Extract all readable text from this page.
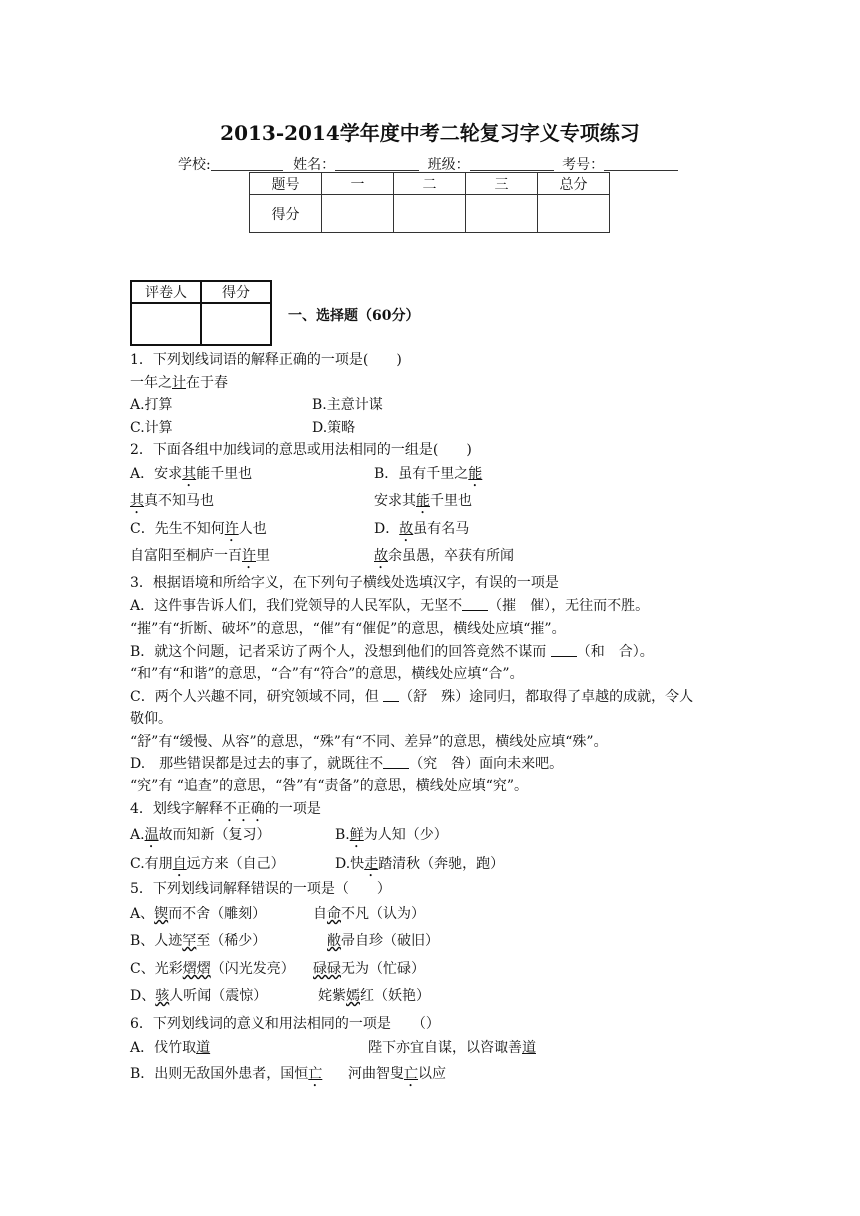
2013-2014学年度中考二轮复习字义专项练习
学校:	姓名：	班级：	考号：
题号	一	二	三	总分
得分				
评卷人	得分

一、选择题（60分）
1．下列划线词语的解释正确的一项是(　　)
一年之计在于春
A.打算	B.主意计谋
C.计算	D.策略
2．下面各组中加线词的意思或用法相同的一组是(　　)
A．安求其能千里也	B．虽有千里之能
其真不知马也	安求其能千里也
C．先生不知何许人也	D．故虽有名马
自富阳至桐庐一百许里	故余虽愚，卒获有所闻
3．根据语境和所给字义，在下列句子横线处选填汉字，有误的一项是
A．这件事告诉人们，我们党领导的人民军队，无坚不 （摧　催），无往而不胜。
“摧”有“折断、破坏”的意思，“催”有“催促”的意思，横线处应填“摧”。
B．就这个问题，记者采访了两个人，没想到他们的回答竟然不谋而 （和　合）。
“和”有“和谐”的意思，“合”有“符合”的意思，横线处应填“合”。
C．两个人兴趣不同，研究领域不同，但 （舒　殊）途同归，都取得了卓越的成就，令人
敬仰。
“舒”有“缓慢、从容”的意思，“殊”有“不同、差异”的意思，横线处应填“殊”。
D.　那些错误都是过去的事了，就既往不 （究　咎）面向未来吧。
“究”有 “追查”的意思，“咎”有“责备”的意思，横线处应填“究”。
4．划线字解释不正确的一项是
A.温故而知新（复习）	B.鲜为人知（少）
C.有朋自远方来（自己）	D.快走踏清秋（奔驰，跑）
5．下列划线词解释错误的一项是（　　）
A、锲而不舍（雕刻）	自命不凡（认为）
B、人迹罕至（稀少）	敝帚自珍（破旧）
C、光彩熠熠（闪光发亮） 碌碌无为（忙碌）
D、骇人听闻（震惊）	姹紫嫣红（妖艳）
6．下列划线词的意义和用法相同的一项是　　（）
A．伐竹取道	陛下亦宜自谋，以咨诹善道
B．出则无敌国外患者，国恒亡 河曲智叟亡以应
